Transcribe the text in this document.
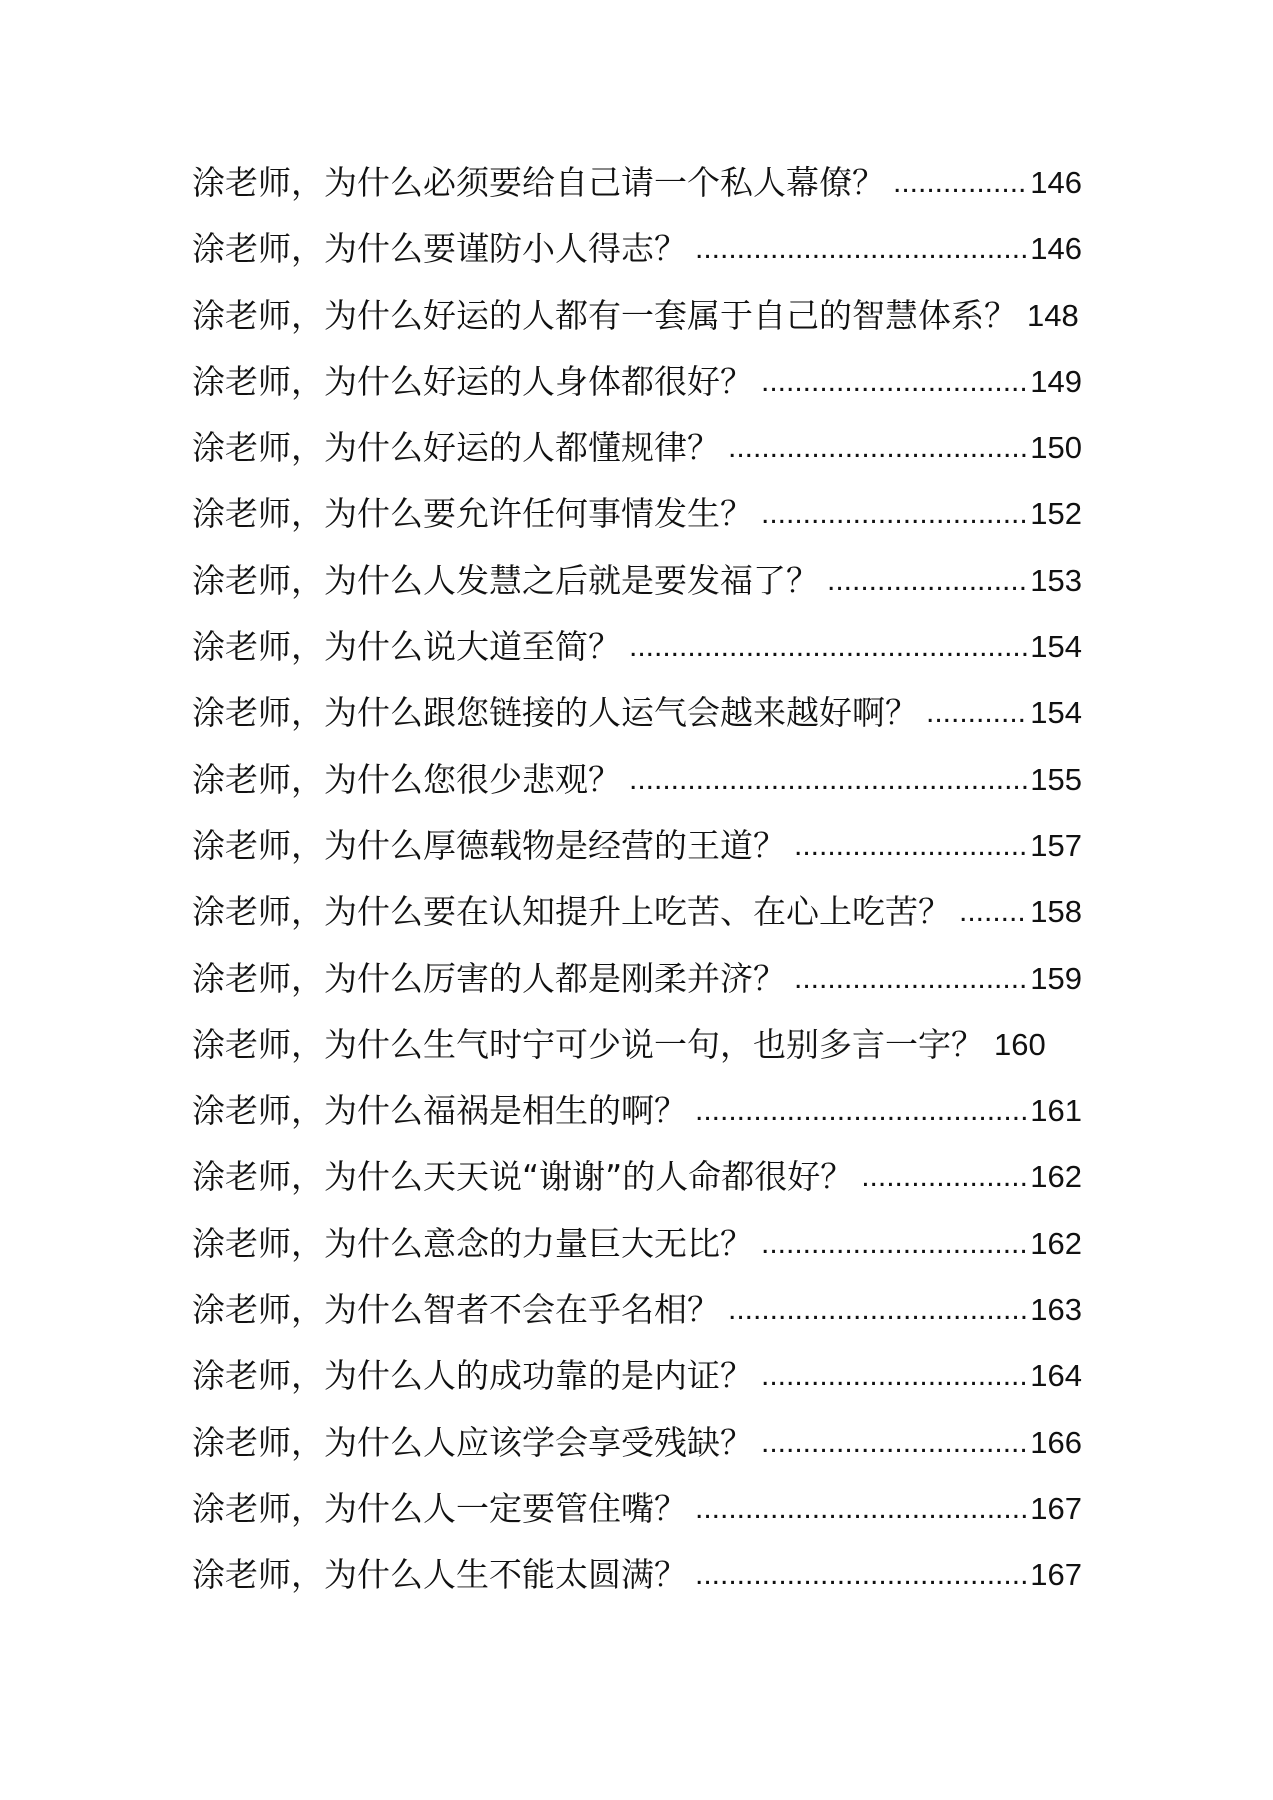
涂老师，为什么必须要给自己请一个私人幕僚？ .....	146
涂老师，为什么要谨防小人得志？ .....	146
涂老师，为什么好运的人都有一套属于自己的智慧体系？ 148
涂老师，为什么好运的人身体都很好？ .....	149
涂老师，为什么好运的人都懂规律？ .....	150
涂老师，为什么要允许任何事情发生？ .....	152
涂老师，为什么人发慧之后就是要发福了？ .....	153
涂老师，为什么说大道至简？ .....	154
涂老师，为什么跟您链接的人运气会越来越好啊？ .....	154
涂老师，为什么您很少悲观？ .....	155
涂老师，为什么厚德载物是经营的王道？ .....	157
涂老师，为什么要在认知提升上吃苦、在心上吃苦？ .....	158
涂老师，为什么厉害的人都是刚柔并济？ .....	159
涂老师，为什么生气时宁可少说一句，也别多言一字？ 160
涂老师，为什么福祸是相生的啊？ .....	161
涂老师，为什么天天说“谢谢”的人命都很好？ .....	162
涂老师，为什么意念的力量巨大无比？ .....	162
涂老师，为什么智者不会在乎名相？ .....	163
涂老师，为什么人的成功靠的是内证？ .....	164
涂老师，为什么人应该学会享受残缺？ .....	166
涂老师，为什么人一定要管住嘴？ .....	167
涂老师，为什么人生不能太圆满？ .....	167
